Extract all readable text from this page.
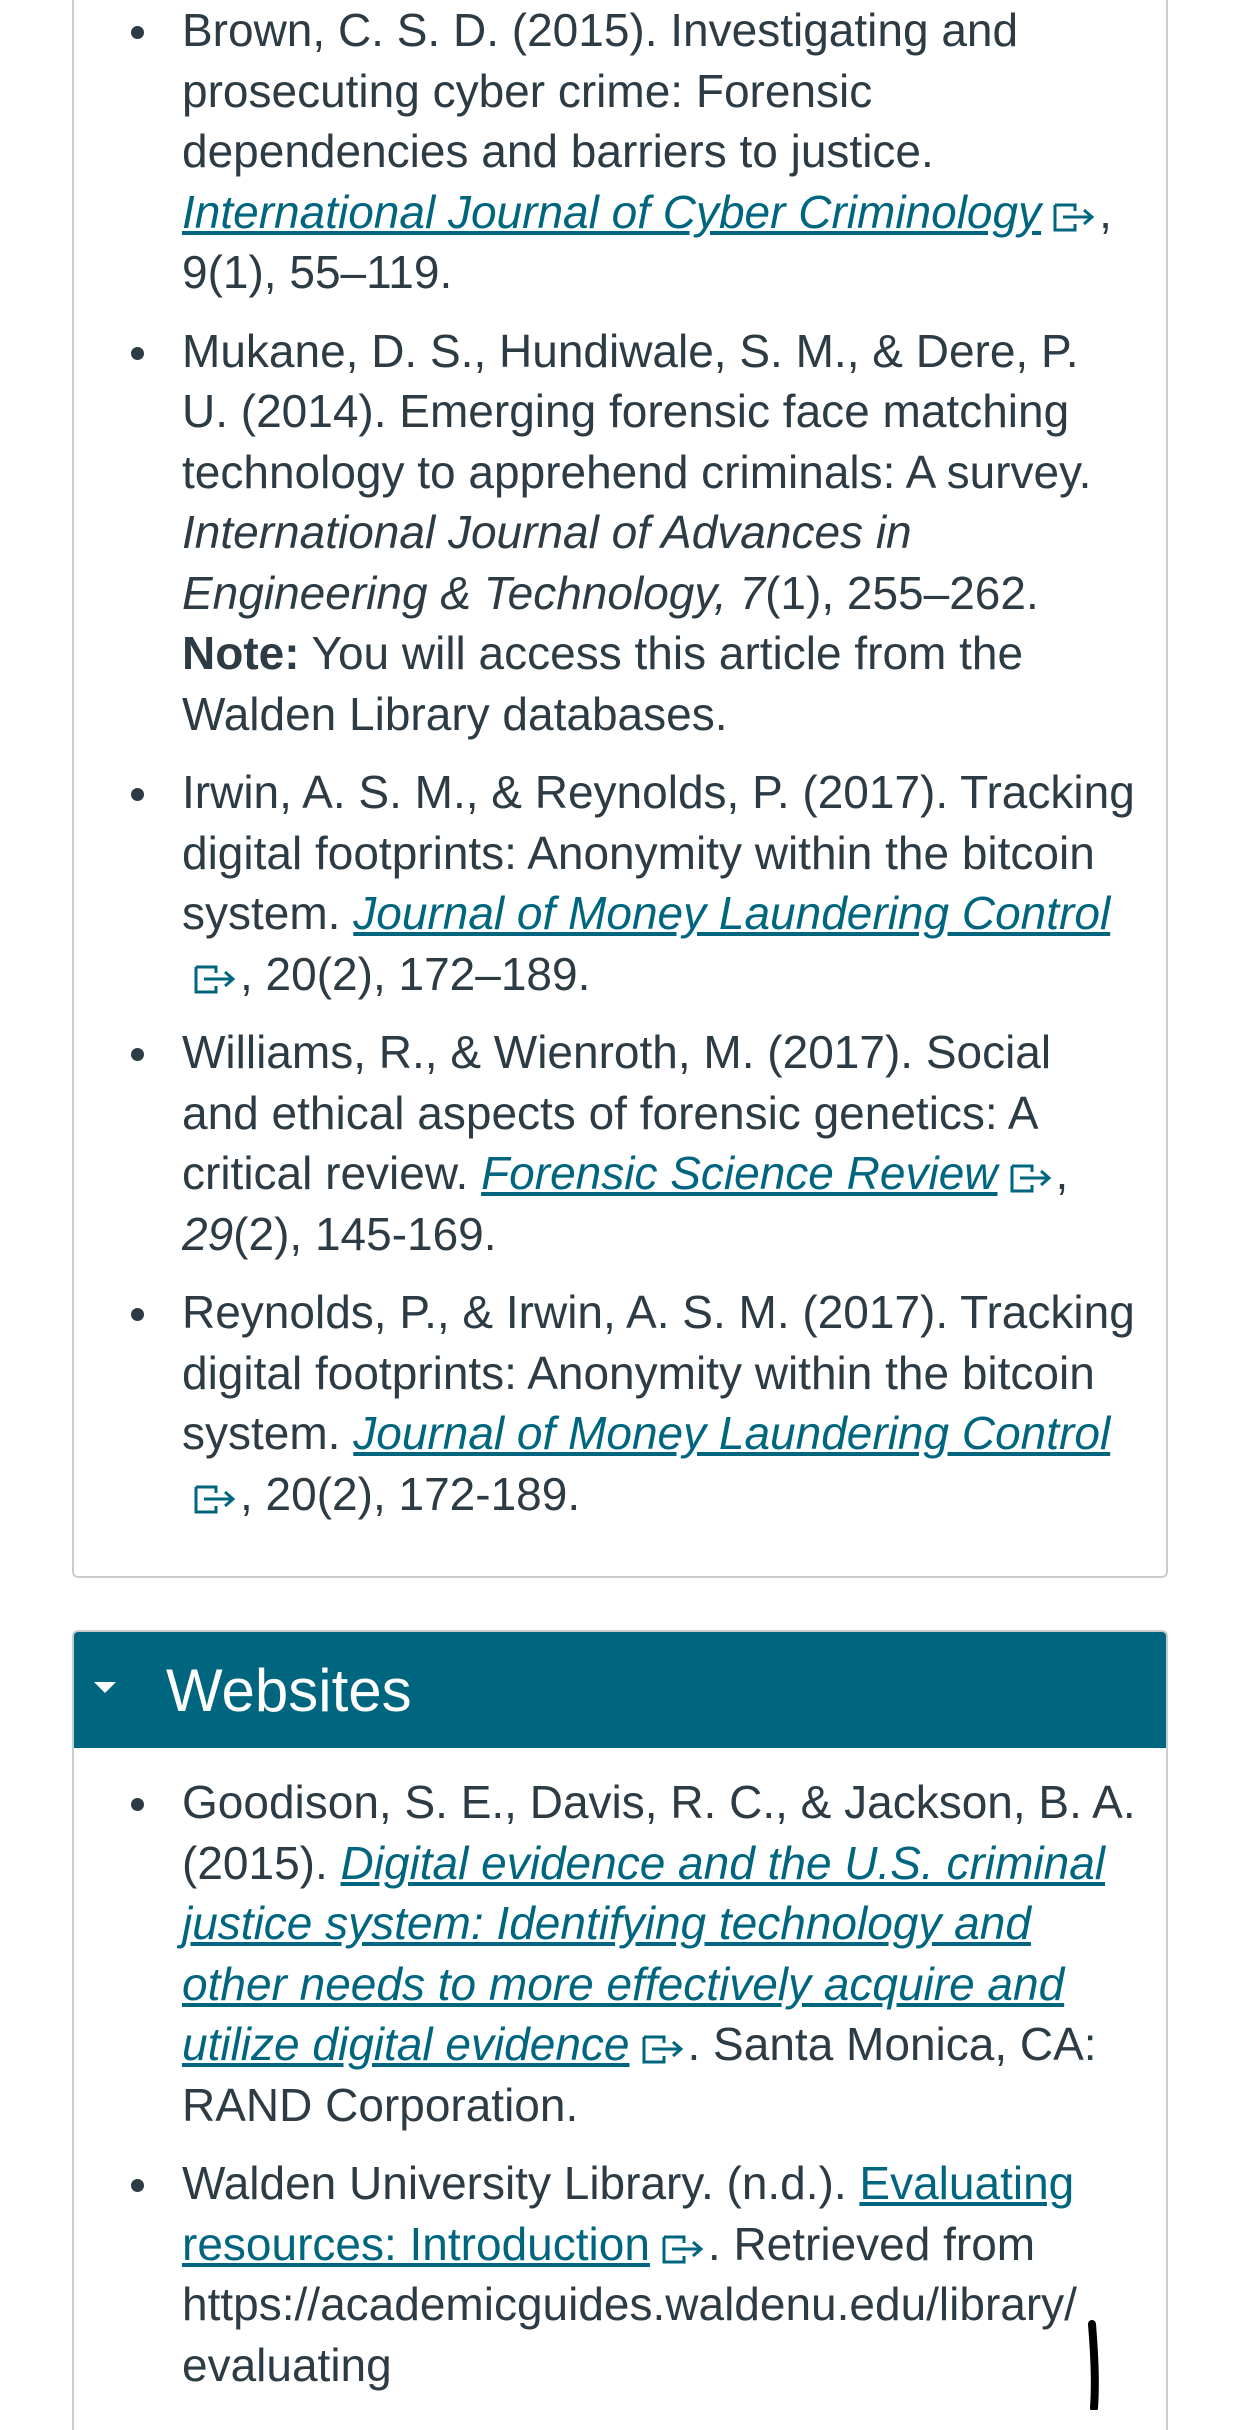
Brown, C. S. D. (2015). Investigating and prosecuting cyber crime: Forensic dependencies and barriers to justice. International Journal of Cyber Criminology , 9(1), 55–119.
Mukane, D. S., Hundiwale, S. M., & Dere, P. U. (2014). Emerging forensic face matching technology to apprehend criminals: A survey. International Journal of Advances in Engineering & Technology, 7(1), 255–262. Note: You will access this article from the Walden Library databases.
Irwin, A. S. M., & Reynolds, P. (2017). Tracking digital footprints: Anonymity within the bitcoin system. Journal of Money Laundering Control
, 20(2), 172–189.
Williams, R., & Wienroth, M. (2017). Social and ethical aspects of forensic genetics: A critical review. Forensic Science Review , 29(2), 145-169.
Reynolds, P., & Irwin, A. S. M. (2017). Tracking digital footprints: Anonymity within the bitcoin system. Journal of Money Laundering Control
, 20(2), 172-189.
Websites
Goodison, S. E., Davis, R. C., & Jackson, B. A. (2015). Digital evidence and the U.S. criminal justice system: Identifying technology and other needs to more effectively acquire and utilize digital evidence . Santa Monica, CA: RAND Corporation.
Walden University Library. (n.d.). Evaluating resources: Introduction . Retrieved from https://academicguides.waldenu.edu/library/ evaluating
